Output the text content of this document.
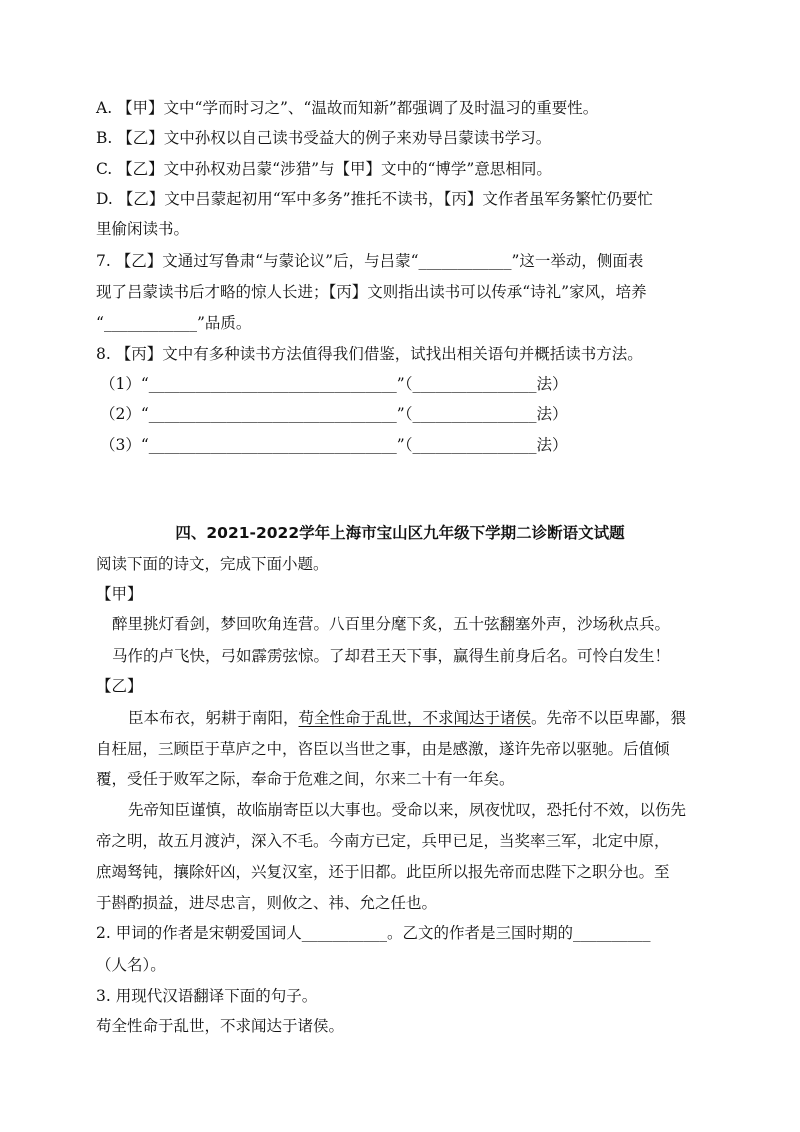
A. 【甲】文中“学而时习之”、“温故而知新”都强调了及时温习的重要性。
B. 【乙】文中孙权以自己读书受益大的例子来劝导吕蒙读书学习。
C. 【乙】文中孙权劝吕蒙“涉猎”与【甲】文中的“博学”意思相同。
D. 【乙】文中吕蒙起初用“军中多务”推托不读书，【丙】文作者虽军务繁忙仍要忙
里偷闲读书。
7. 【乙】文通过写鲁肃“与蒙论议”后，与吕蒙“____________”这一举动，侧面表
现了吕蒙读书后才略的惊人长进；【丙】文则指出读书可以传承“诗礼”家风，培养
“____________”品质。
8. 【丙】文中有多种读书方法值得我们借鉴，试找出相关语句并概括读书方法。
（1）“________________________________”（________________法）
（2）“________________________________”（________________法）
（3）“________________________________”（________________法）
四、2021-2022学年上海市宝山区九年级下学期二诊断语文试题
阅读下面的诗文，完成下面小题。
【甲】
醉里挑灯看剑，梦回吹角连营。八百里分麾下炙，五十弦翻塞外声，沙场秋点兵。
马作的卢飞快，弓如霹雳弦惊。了却君王天下事，赢得生前身后名。可怜白发生！
【乙】
臣本布衣，躬耕于南阳，苟全性命于乱世，不求闻达于诸侯。先帝不以臣卑鄙，猥
自枉屈，三顾臣于草庐之中，咨臣以当世之事，由是感激，遂许先帝以驱驰。后值倾
覆，受任于败军之际，奉命于危难之间，尔来二十有一年矣。
先帝知臣谨慎，故临崩寄臣以大事也。受命以来，夙夜忧叹，恐托付不效，以伤先
帝之明，故五月渡泸，深入不毛。今南方已定，兵甲已足，当奖率三军，北定中原，
庶竭驽钝，攘除奸凶，兴复汉室，还于旧都。此臣所以报先帝而忠陛下之职分也。至
于斟酌损益，进尽忠言，则攸之、祎、允之任也。
2. 甲词的作者是宋朝爱国词人___________。乙文的作者是三国时期的__________
（人名）。
3. 用现代汉语翻译下面的句子。
苟全性命于乱世，不求闻达于诸侯。
